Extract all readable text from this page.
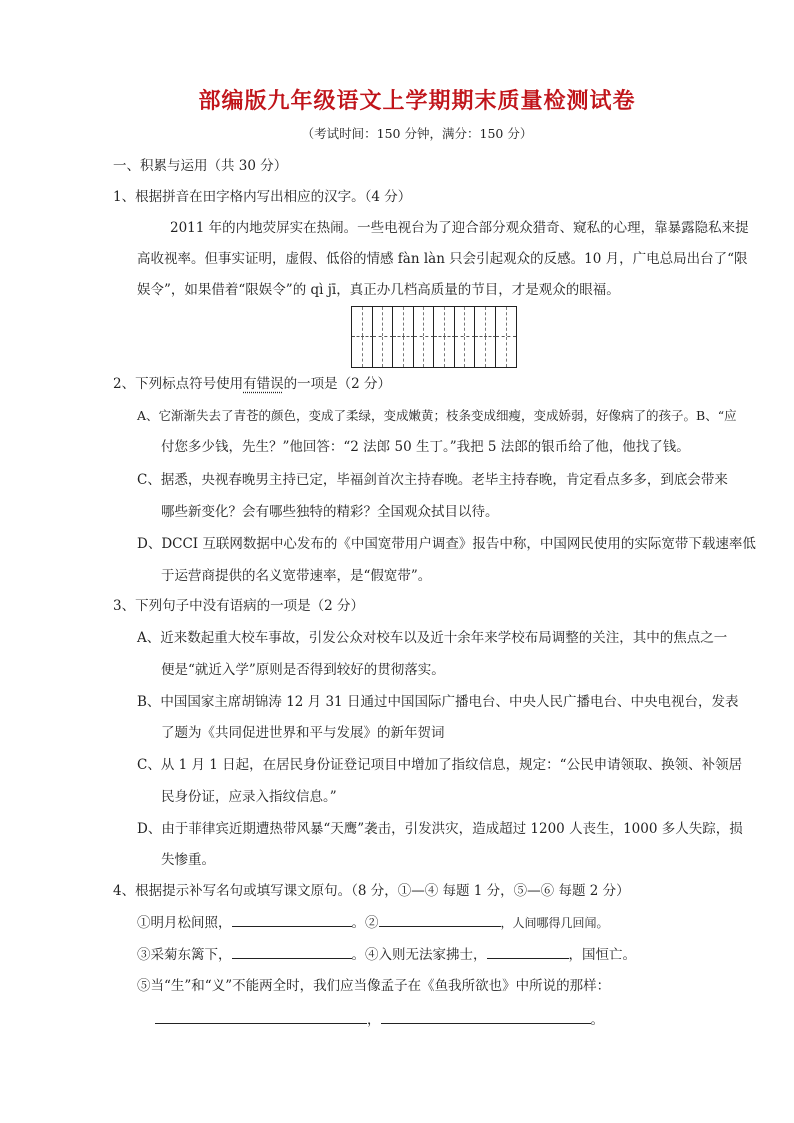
部编版九年级语文上学期期末质量检测试卷
（考试时间：150 分钟，满分：150 分）
一、积累与运用（共 30 分）
1、根据拼音在田字格内写出相应的汉字。（4 分）
2011 年的内地荧屏实在热闹。一些电视台为了迎合部分观众猎奇、窥私的心理，靠暴露隐私来提
高收视率。但事实证明，虚假、低俗的情感 fàn làn 只会引起观众的反感。10 月，广电总局出台了“限
娱令”，如果借着“限娱令”的 qì jī，真正办几档高质量的节目，才是观众的眼福。
2、下列标点符号使用有错误的一项是（2 分）
A、它渐渐失去了青苍的颜色，变成了柔绿，变成嫩黄；枝条变成细瘦，变成娇弱，好像病了的孩子。B、“应
付您多少钱，先生？”他回答：“2 法郎 50 生丁。”我把 5 法郎的银币给了他，他找了钱。
C、据悉，央视春晚男主持已定，毕福剑首次主持春晚。老毕主持春晚，肯定看点多多，到底会带来
哪些新变化？会有哪些独特的精彩？全国观众拭目以待。
D、DCCI 互联网数据中心发布的《中国宽带用户调查》报告中称，中国网民使用的实际宽带下载速率低
于运营商提供的名义宽带速率，是“假宽带”。
3、下列句子中没有语病的一项是（2 分）
A、近来数起重大校车事故，引发公众对校车以及近十余年来学校布局调整的关注，其中的焦点之一
便是“就近入学”原则是否得到较好的贯彻落实。
B、中国国家主席胡锦涛 12 月 31 日通过中国国际广播电台、中央人民广播电台、中央电视台，发表
了题为《共同促进世界和平与发展》的新年贺词
C、从 1 月 1 日起，在居民身份证登记项目中增加了指纹信息，规定：“公民申请领取、换领、补领居
民身份证，应录入指纹信息。”
D、由于菲律宾近期遭热带风暴“天鹰”袭击，引发洪灾，造成超过 1200 人丧生，1000 多人失踪，损
失惨重。
4、根据提示补写名句或填写课文原句。（8 分，①—④ 每题 1 分，⑤—⑥ 每题 2 分）
①明月松间照，	。②	，人间哪得几回闻。
③采菊东篱下，	。④入则无法家拂士，	，国恒亡。
⑤当“生”和“义”不能两全时，我们应当像孟子在《鱼我所欲也》中所说的那样：
，	。
